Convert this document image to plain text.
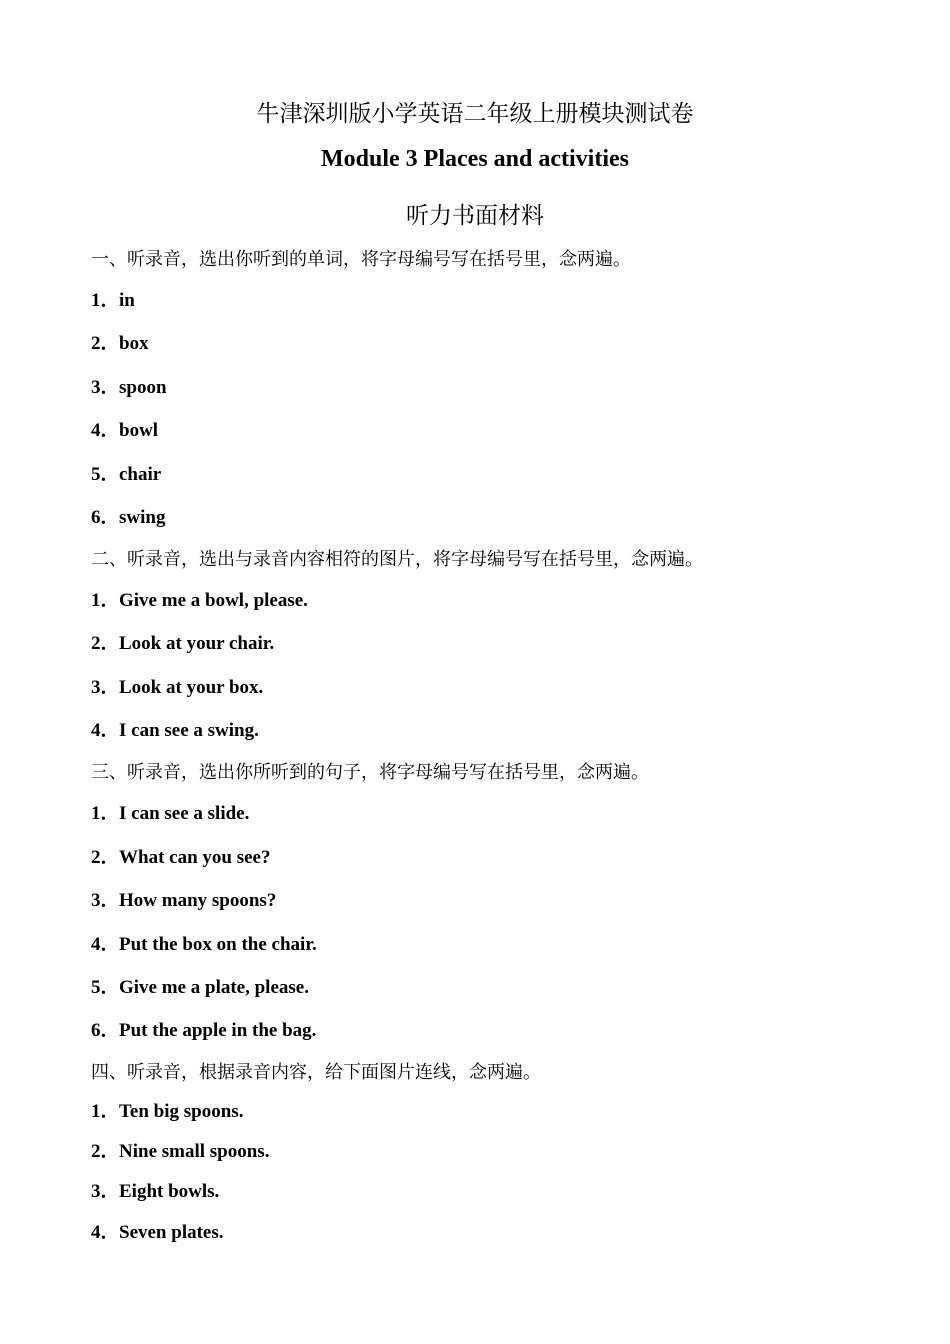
牛津深圳版小学英语二年级上册模块测试卷
Module 3 Places and activities
听力书面材料
一、听录音，选出你听到的单词，将字母编号写在括号里，念两遍。
1．in
2．box
3．spoon
4．bowl
5．chair
6．swing
二、听录音，选出与录音内容相符的图片，将字母编号写在括号里，念两遍。
1．Give me a bowl, please.
2．Look at your chair.
3．Look at your box.
4．I can see a swing.
三、听录音，选出你所听到的句子，将字母编号写在括号里，念两遍。
1．I can see a slide.
2．What can you see?
3．How many spoons?
4．Put the box on the chair.
5．Give me a plate, please.
6．Put the apple in the bag.
四、听录音，根据录音内容，给下面图片连线，念两遍。
1．Ten big spoons.
2．Nine small spoons.
3．Eight bowls.
4．Seven plates.
